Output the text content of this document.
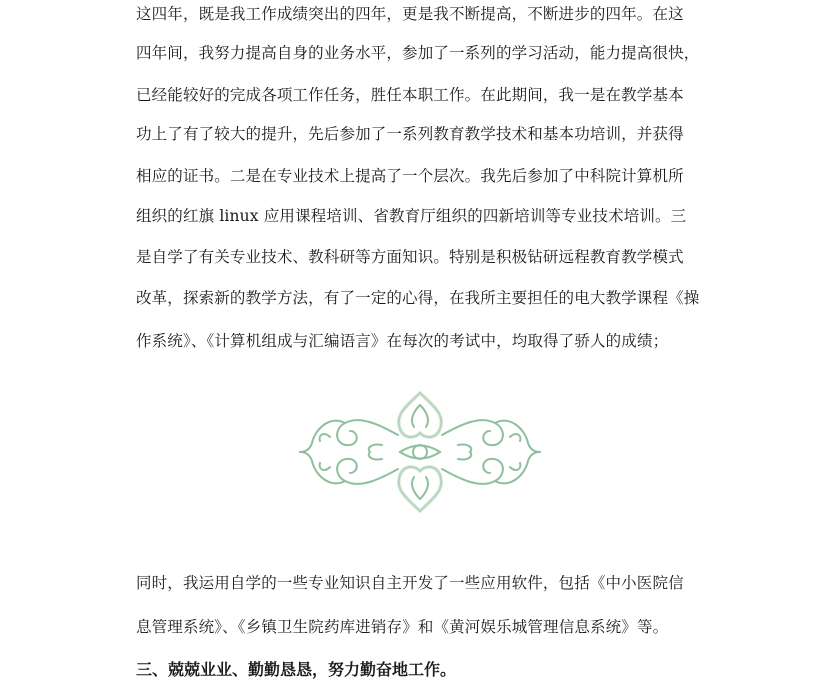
这四年，既是我工作成绩突出的四年，更是我不断提高，不断进步的四年。在这
四年间，我努力提高自身的业务水平，参加了一系列的学习活动，能力提高很快，
已经能较好的完成各项工作任务，胜任本职工作。在此期间，我一是在教学基本
功上了有了较大的提升，先后参加了一系列教育教学技术和基本功培训，并获得
相应的证书。二是在专业技术上提高了一个层次。我先后参加了中科院计算机所
组织的红旗 linux 应用课程培训、省教育厅组织的四新培训等专业技术培训。三
是自学了有关专业技术、教科研等方面知识。特别是积极钻研远程教育教学模式
改革，探索新的教学方法，有了一定的心得，在我所主要担任的电大教学课程《操
作系统》、《计算机组成与汇编语言》在每次的考试中，均取得了骄人的成绩；
同时，我运用自学的一些专业知识自主开发了一些应用软件，包括《中小医院信
息管理系统》、《乡镇卫生院药库进销存》和《黄河娱乐城管理信息系统》等。
三、兢兢业业、勤勤恳恳，努力勤奋地工作。
